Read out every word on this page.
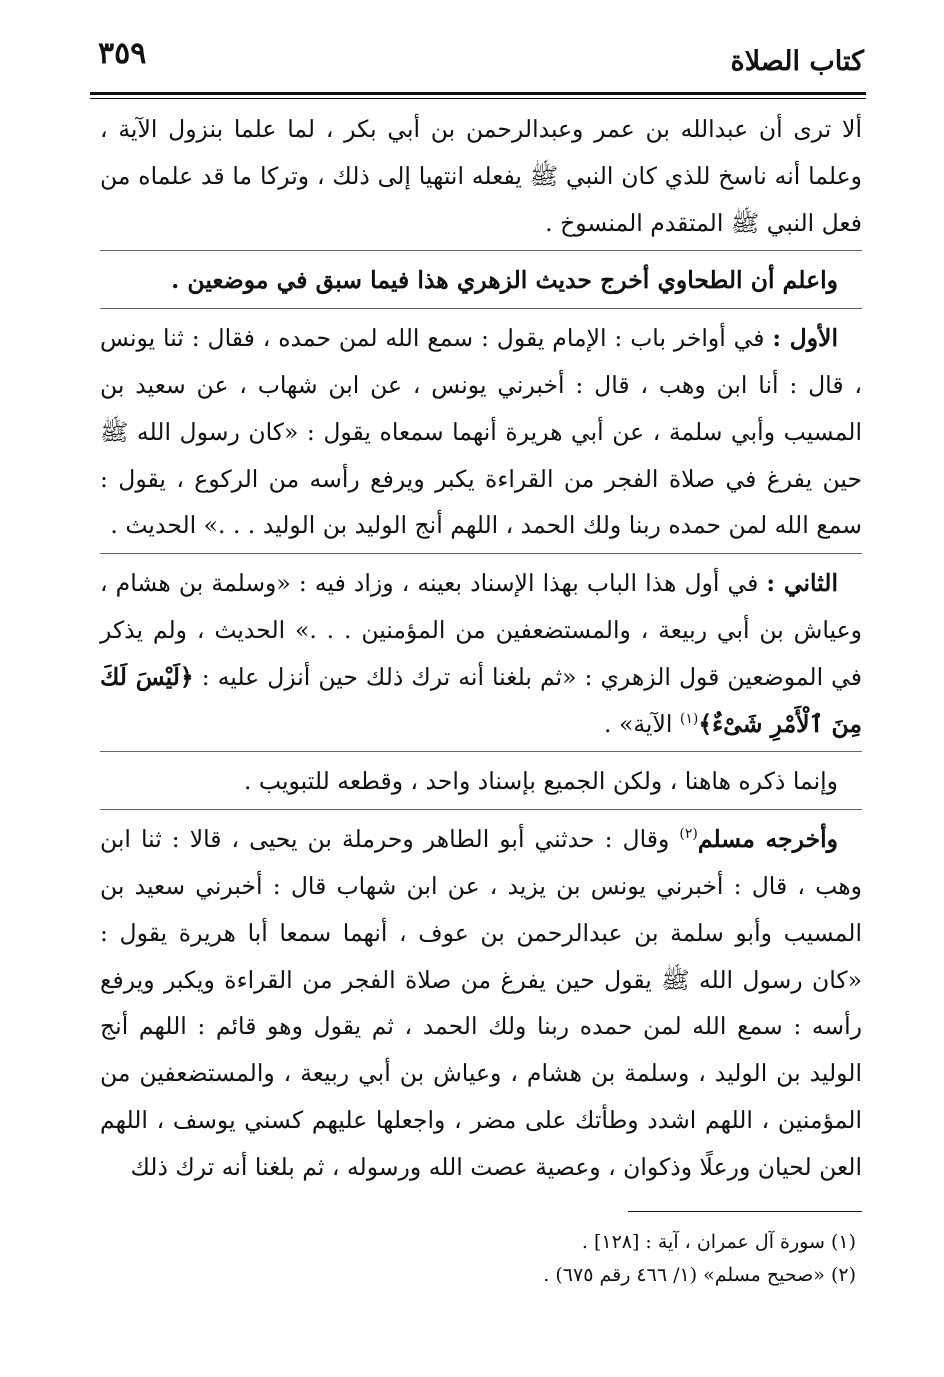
كتاب الصلاة
٣٥٩

ألا ترى أن عبدالله بن عمر وعبدالرحمن بن أبي بكر ، لما علما بنزول الآية ، وعلما أنه ناسخ للذي كان النبي ﷺ يفعله انتهيا إلى ذلك ، وتركا ما قد علماه من فعل النبي ﷺ المتقدم المنسوخ .

واعلم أن الطحاوي أخرج حديث الزهري هذا فيما سبق في موضعين .

الأول : في أواخر باب : الإمام يقول : سمع الله لمن حمده ، فقال : ثنا يونس ، قال : أنا ابن وهب ، قال : أخبرني يونس ، عن ابن شهاب ، عن سعيد بن المسيب وأبي سلمة ، عن أبي هريرة أنهما سمعاه يقول : «كان رسول الله ﷺ حين يفرغ في صلاة الفجر من القراءة يكبر ويرفع رأسه من الركوع ، يقول : سمع الله لمن حمده ربنا ولك الحمد ، اللهم أنج الوليد بن الوليد . . .» الحديث .

الثاني : في أول هذا الباب بهذا الإسناد بعينه ، وزاد فيه : «وسلمة بن هشام ، وعياش بن أبي ربيعة ، والمستضعفين من المؤمنين . . .» الحديث ، ولم يذكر في الموضعين قول الزهري : «ثم بلغنا أنه ترك ذلك حين أنزل عليه : ﴿لَيْسَ لَكَ مِنَ ٱلْأَمْرِ شَىْءٌ﴾$^{(١)}$ الآية» .

وإنما ذكره هاهنا ، ولكن الجميع بإسناد واحد ، وقطعه للتبويب .

وأخرجه مسلم$^{(٢)}$ وقال : حدثني أبو الطاهر وحرملة بن يحيى ، قالا : ثنا ابن وهب ، قال : أخبرني يونس بن يزيد ، عن ابن شهاب قال : أخبرني سعيد بن المسيب وأبو سلمة بن عبدالرحمن بن عوف ، أنهما سمعا أبا هريرة يقول : «كان رسول الله ﷺ يقول حين يفرغ من صلاة الفجر من القراءة ويكبر ويرفع رأسه : سمع الله لمن حمده ربنا ولك الحمد ، ثم يقول وهو قائم : اللهم أنج الوليد بن الوليد ، وسلمة بن هشام ، وعياش بن أبي ربيعة ، والمستضعفين من المؤمنين ، اللهم اشدد وطأتك على مضر ، واجعلها عليهم كسني يوسف ، اللهم العن لحيان ورعلًا وذكوان ، وعصية عصت الله ورسوله ، ثم بلغنا أنه ترك ذلك

(١) سورة آل عمران ، آية : [١٢٨] .

(٢) «صحيح مسلم» (١/ ٤٦٦ رقم ٦٧٥) .
